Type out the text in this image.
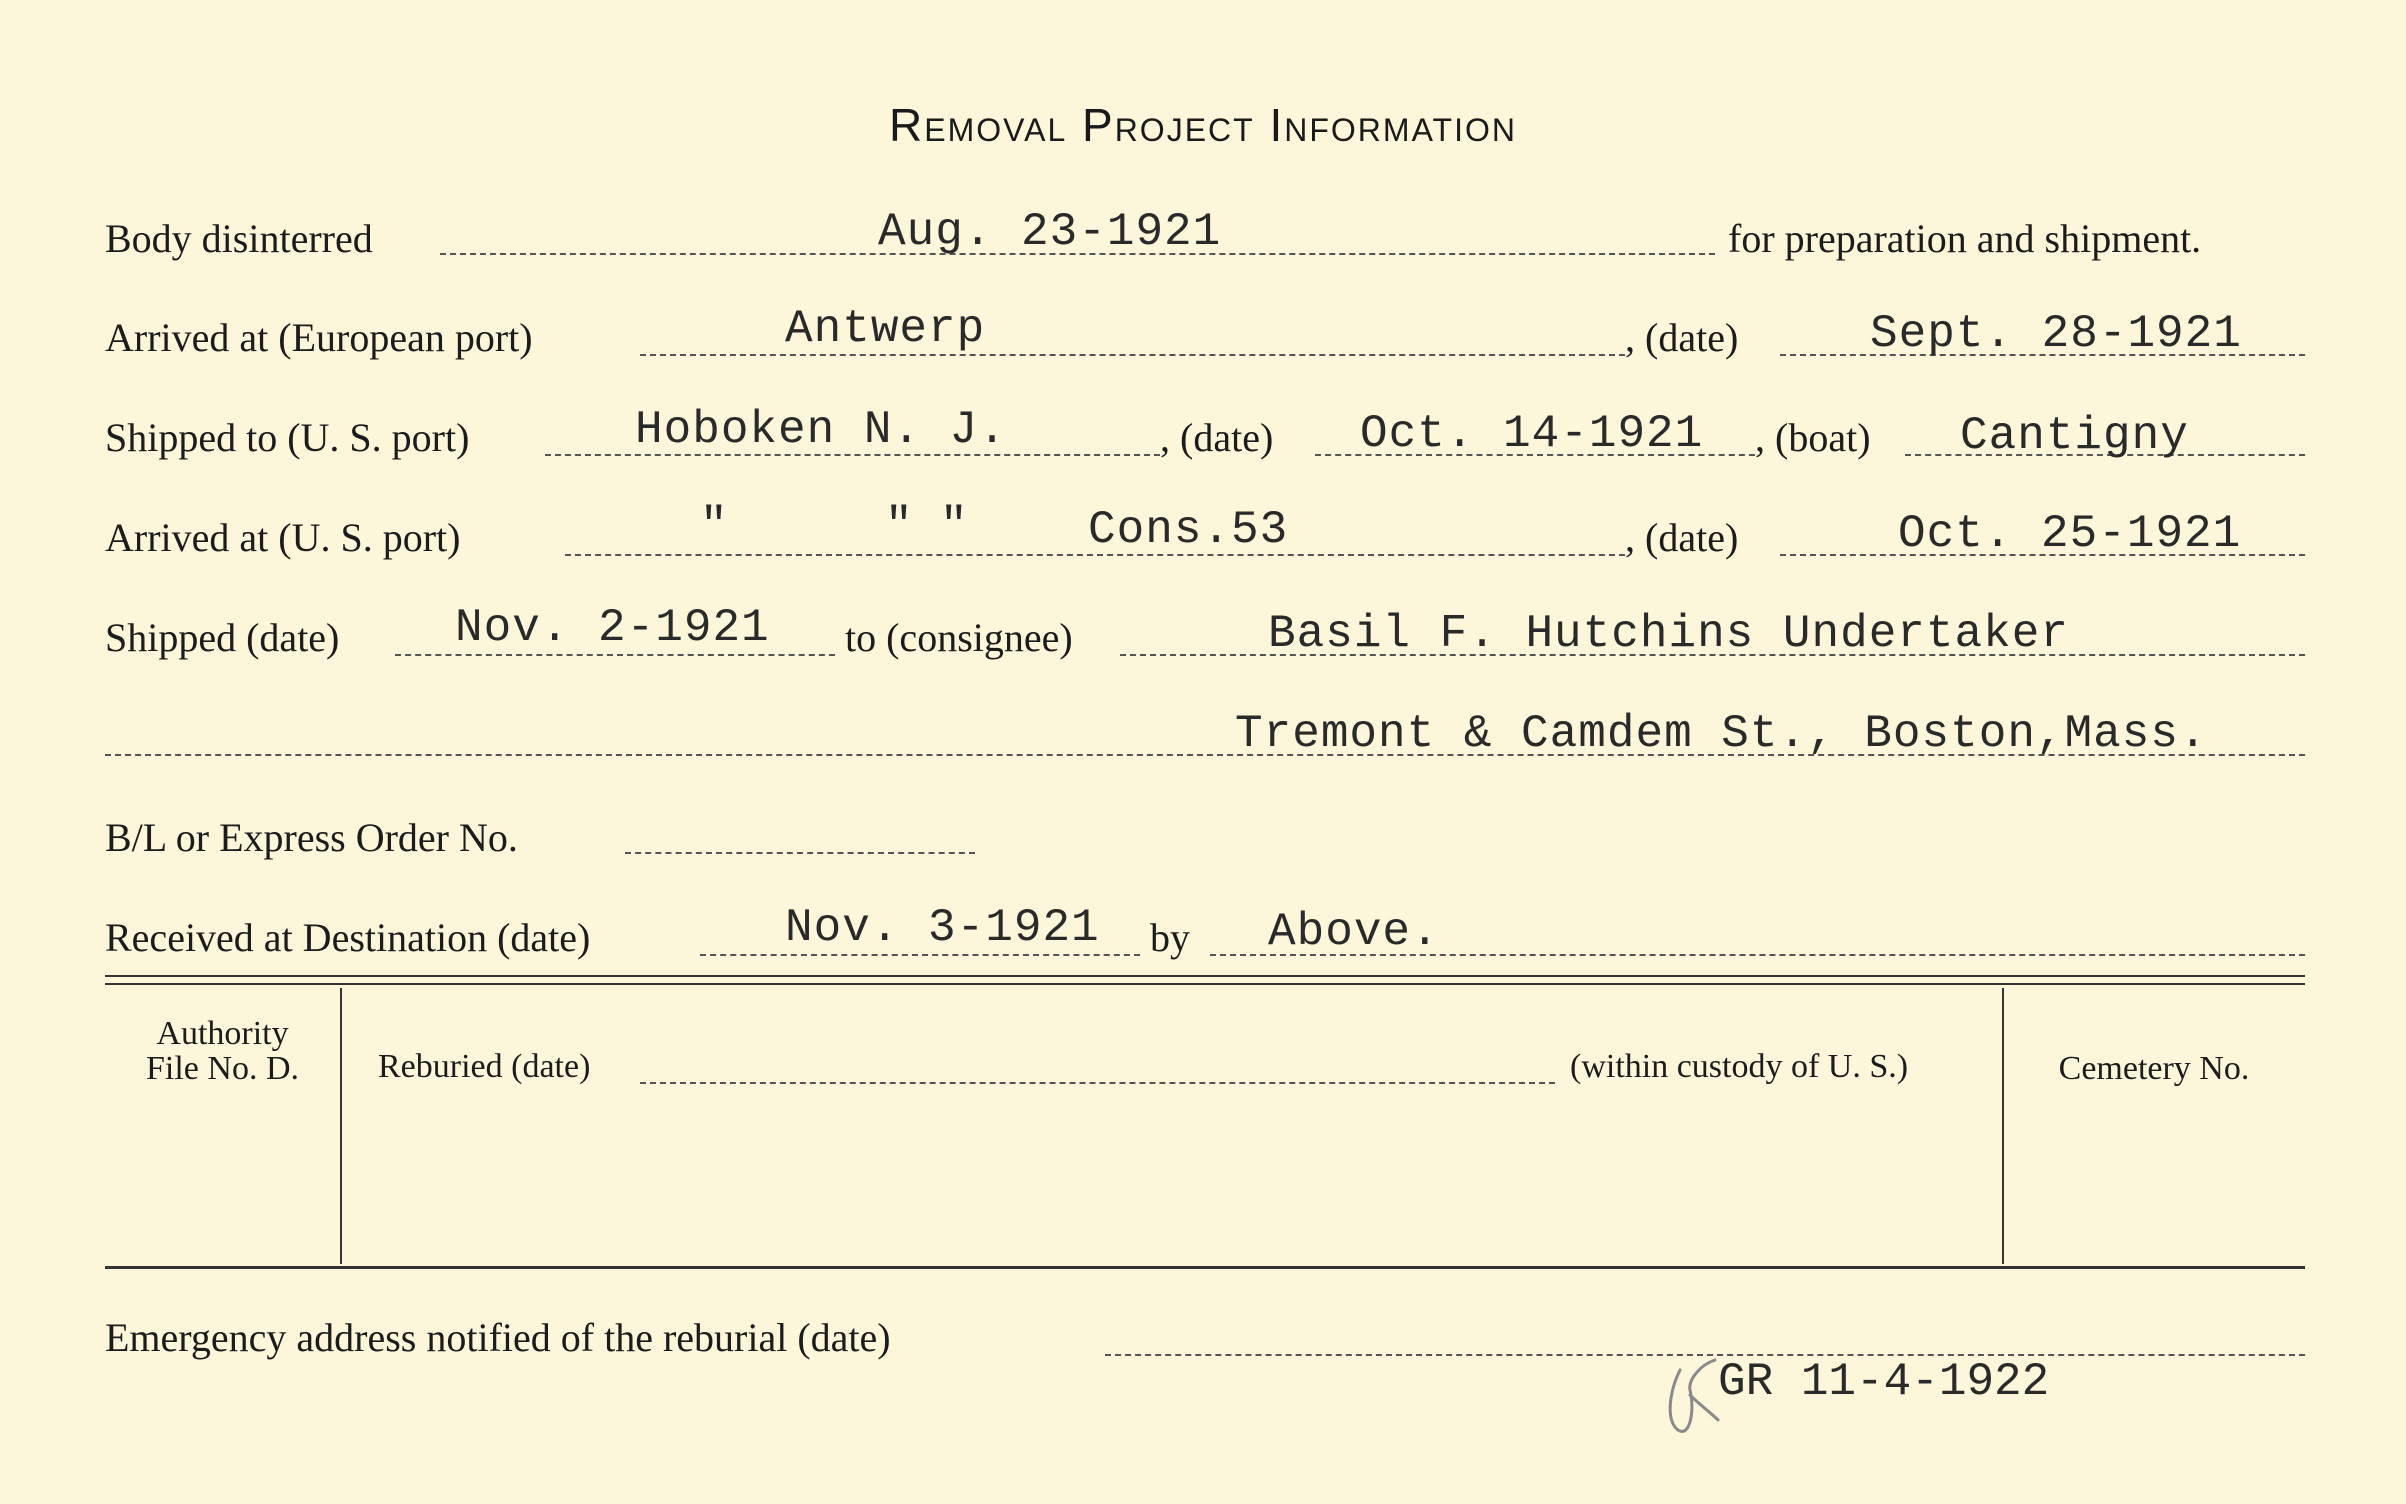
Removal Project Information
Body disinterred	Aug. 23-1921	for preparation and shipment.
Arrived at (European port)	Antwerp	, (date)	Sept. 28-1921
Shipped to (U. S. port)	Hoboken N. J.	, (date) Oct. 14-1921 , (boat) Cantigny
Arrived at (U. S. port)	"	" "	Cons.53	, (date)	Oct. 25-1921
Shipped (date)	Nov. 2-1921 to (consignee)	Basil F. Hutchins Undertaker
Tremont & Camdem St., Boston,Mass.
B/L or Express Order No.
Received at Destination (date)	Nov. 3-1921 by Above.
Authority
File No. D.	Reburied (date)	(within custody of U. S.)	Cemetery No.
Emergency address notified of the reburial (date)
GR 11-4-1922
